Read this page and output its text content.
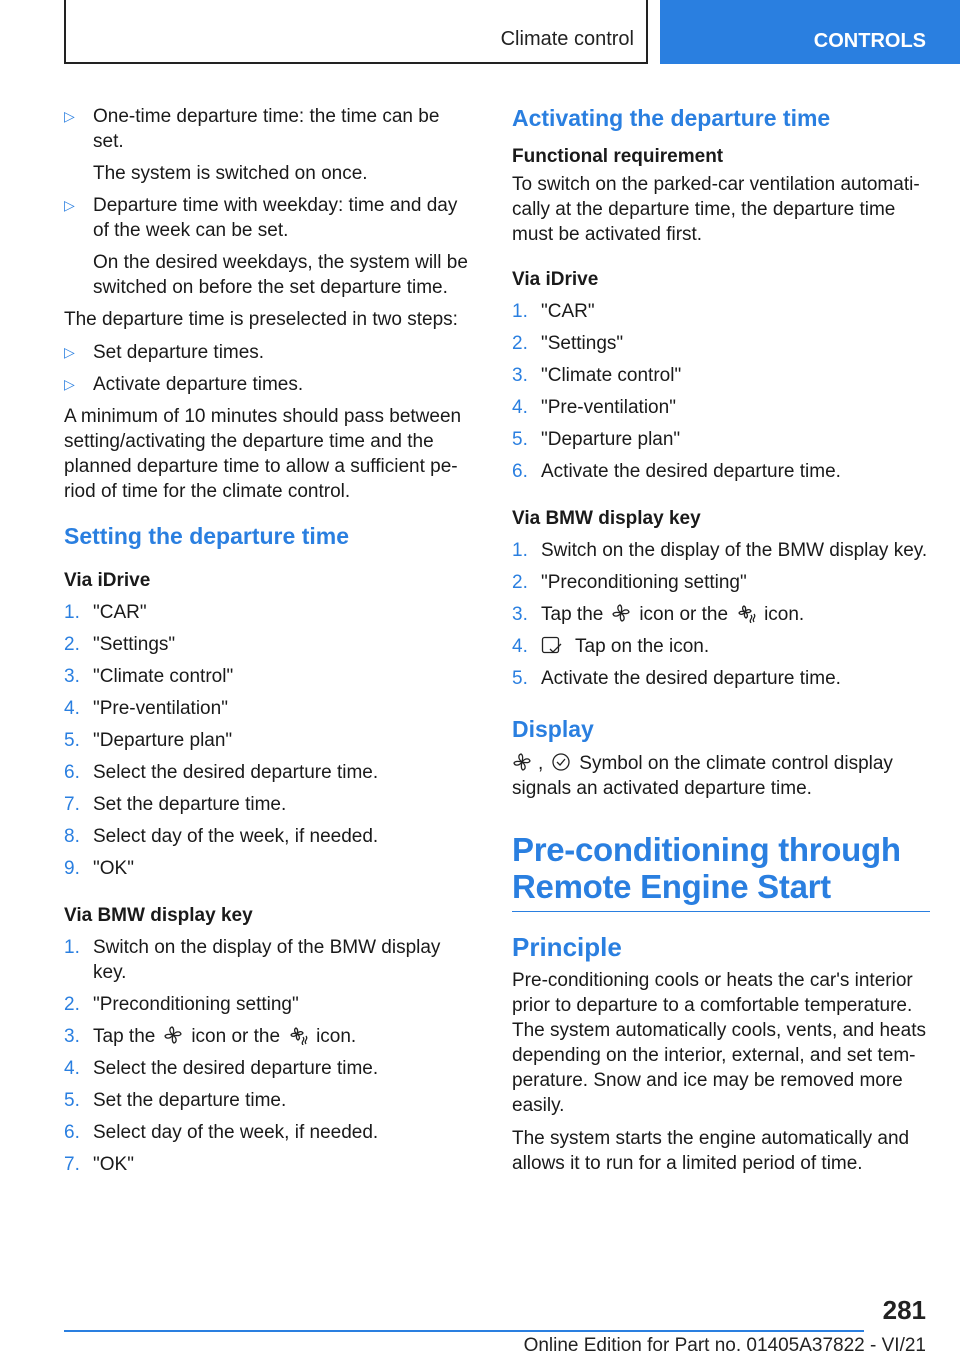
Climate control	CONTROLS
▷ One-time departure time: the time can be set.

The system is switched on once.

▷ Departure time with weekday: time and day of the week can be set.

On the desired weekdays, the system will be switched on before the set departure time.

The departure time is preselected in two steps:

▷ Set departure times.

▷ Activate departure times.

A minimum of 10 minutes should pass between setting/activating the departure time and the planned departure time to allow a sufficient period of time for the climate control.

Setting the departure time
Via iDrive
1. "CAR"
2. "Settings"
3. "Climate control"
4. "Pre-ventilation"
5. "Departure plan"
6. Select the desired departure time.
7. Set the departure time.
8. Select day of the week, if needed.
9. "OK"
Via BMW display key
1. Switch on the display of the BMW display key.
2. "Preconditioning setting"
3. Tap the icon or the icon.
4. Select the desired departure time.
5. Set the departure time.
6. Select day of the week, if needed.
7. "OK"
Activating the departure time
Functional requirement

To switch on the parked-car ventilation automatically at the departure time, the departure time must be activated first.

Via iDrive
1. "CAR"
2. "Settings"
3. "Climate control"
4. "Pre-ventilation"
5. "Departure plan"
6. Activate the desired departure time.
Via BMW display key
1. Switch on the display of the BMW display key.
2. "Preconditioning setting"
3. Tap the icon or the icon.
4.	Tap on the icon.
5. Activate the desired departure time.
Display

, Symbol on the climate control display signals an activated departure time.

Pre-conditioning through Remote Engine Start
Principle

Pre-conditioning cools or heats the car's interior prior to departure to a comfortable temperature. The system automatically cools, vents, and heats depending on the interior, external, and set temperature. Snow and ice may be removed more easily.

The system starts the engine automatically and allows it to run for a limited period of time.

281
Online Edition for Part no. 01405A37822 - VI/21
